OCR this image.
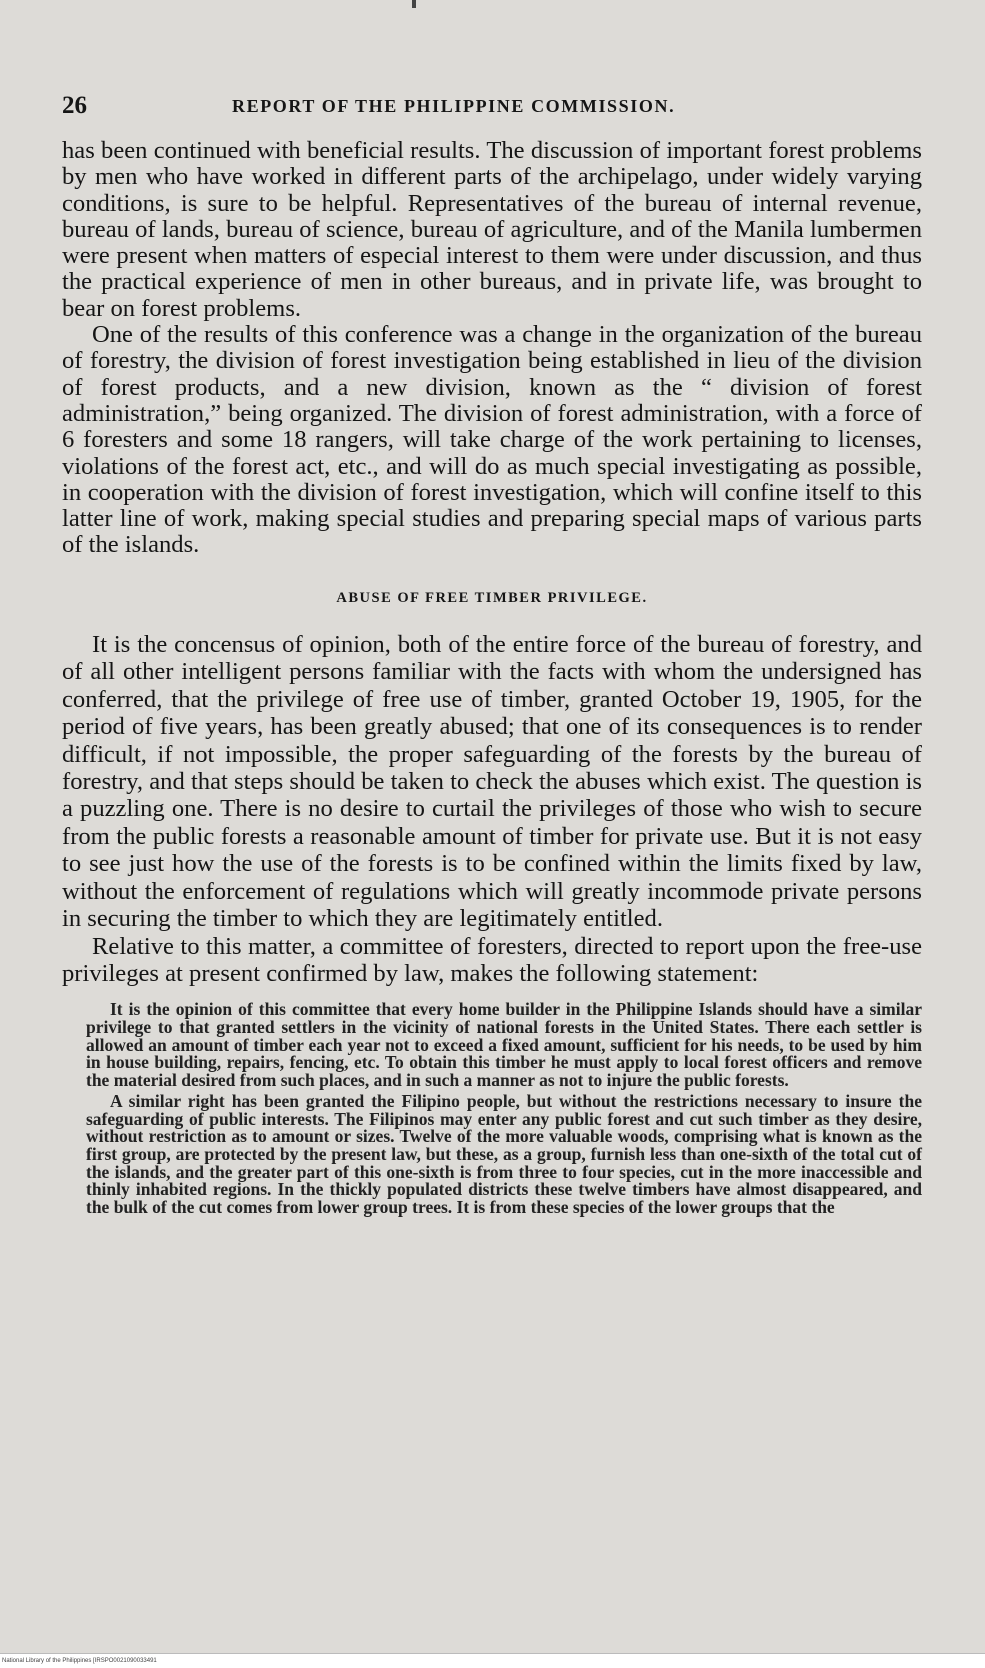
26	REPORT OF THE PHILIPPINE COMMISSION.

has been continued with beneficial results. The discussion of important forest problems by men who have worked in different parts of the archipelago, under widely varying conditions, is sure to be helpful. Representatives of the bureau of internal revenue, bureau of lands, bureau of science, bureau of agriculture, and of the Manila lumbermen were present when matters of especial interest to them were under discussion, and thus the practical experience of men in other bureaus, and in private life, was brought to bear on forest problems.

One of the results of this conference was a change in the organization of the bureau of forestry, the division of forest investigation being established in lieu of the division of forest products, and a new division, known as the “ division of forest administration,” being organized. The division of forest administration, with a force of 6 foresters and some 18 rangers, will take charge of the work pertaining to licenses, violations of the forest act, etc., and will do as much special investigating as possible, in cooperation with the division of forest investigation, which will confine itself to this latter line of work, making special studies and preparing special maps of various parts of the islands.

ABUSE OF FREE TIMBER PRIVILEGE.

It is the concensus of opinion, both of the entire force of the bureau of forestry, and of all other intelligent persons familiar with the facts with whom the undersigned has conferred, that the privilege of free use of timber, granted October 19, 1905, for the period of five years, has been greatly abused; that one of its consequences is to render difficult, if not impossible, the proper safeguarding of the forests by the bureau of forestry, and that steps should be taken to check the abuses which exist. The question is a puzzling one. There is no desire to curtail the privileges of those who wish to secure from the public forests a reasonable amount of timber for private use. But it is not easy to see just how the use of the forests is to be confined within the limits fixed by law, without the enforcement of regulations which will greatly incommode private persons in securing the timber to which they are legitimately entitled.

Relative to this matter, a committee of foresters, directed to report upon the free-use privileges at present confirmed by law, makes the following statement:

It is the opinion of this committee that every home builder in the Philippine Islands should have a similar privilege to that granted settlers in the vicinity of national forests in the United States. There each settler is allowed an amount of timber each year not to exceed a fixed amount, sufficient for his needs, to be used by him in house building, repairs, fencing, etc. To obtain this timber he must apply to local forest officers and remove the material desired from such places, and in such a manner as not to injure the public forests.

A similar right has been granted the Filipino people, but without the restrictions necessary to insure the safeguarding of public interests. The Filipinos may enter any public forest and cut such timber as they desire, without restriction as to amount or sizes. Twelve of the more valuable woods, comprising what is known as the first group, are protected by the present law, but these, as a group, furnish less than one-sixth of the total cut of the islands, and the greater part of this one-sixth is from three to four species, cut in the more inaccessible and thinly inhabited regions. In the thickly populated districts these twelve timbers have almost disappeared, and the bulk of the cut comes from lower group trees. It is from these species of the lower groups that the

National Library of the Philippines [IRSPO0021090033491
